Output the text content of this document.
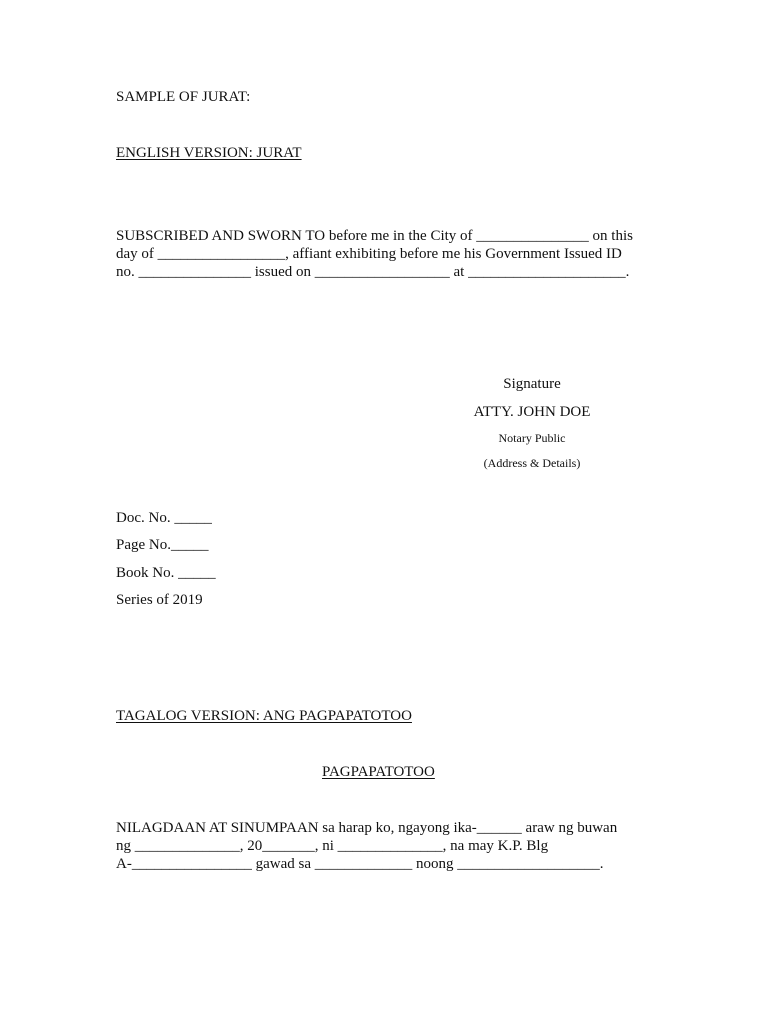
SAMPLE OF JURAT:
ENGLISH VERSION: JURAT
SUBSCRIBED AND SWORN TO before me in the City of _______________ on this
day of _________________, affiant exhibiting before me his Government Issued ID
no. _______________ issued on __________________ at _____________________.
Signature
ATTY. JOHN DOE
Notary Public
(Address & Details)
Doc. No. _____
Page No._____
Book No. _____
Series of 2019
TAGALOG VERSION: ANG PAGPAPATOTOO
PAGPAPATOTOO
NILAGDAAN AT SINUMPAAN sa harap ko, ngayong ika-______ araw ng buwan
ng ______________, 20_______, ni ______________, na may K.P. Blg
A-________________ gawad sa _____________ noong ___________________.
